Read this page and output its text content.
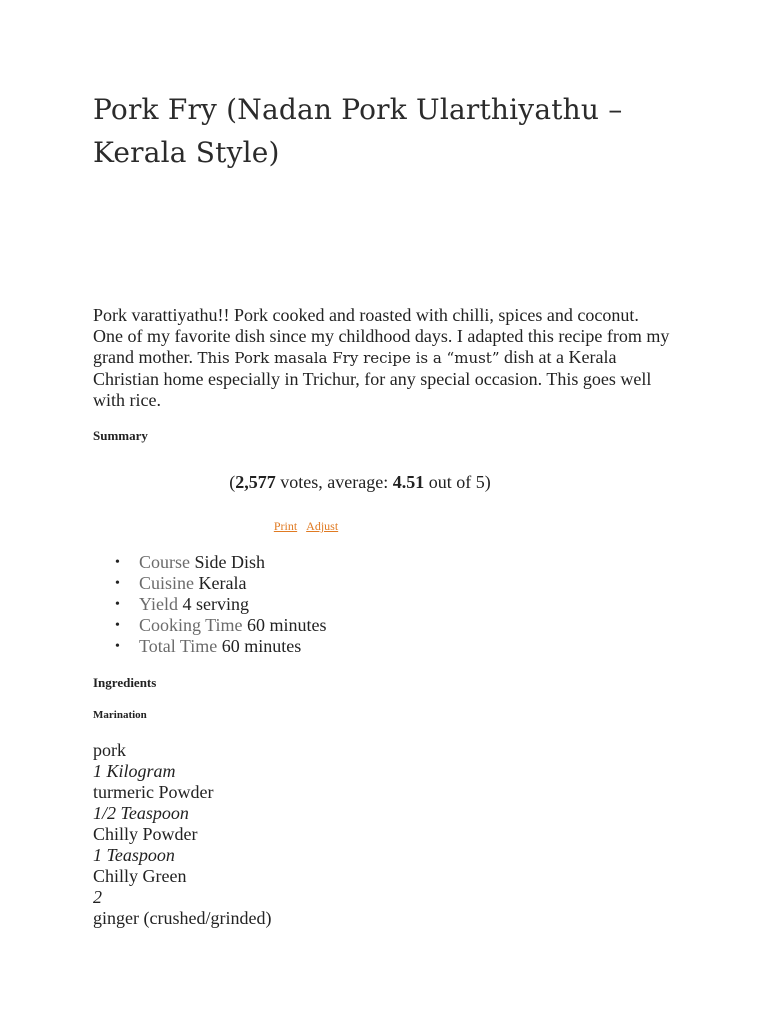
Pork Fry (Nadan Pork Ularthiyathu – Kerala Style)

Pork varattiyathu!! Pork cooked and roasted with chilli, spices and coconut. One of my favorite dish since my childhood days. I adapted this recipe from my grand mother. This Pork masala Fry recipe is a “must” dish at a Kerala Christian home especially in Trichur, for any special occasion. This goes well with rice.

Summary
(2,577 votes, average: 4.51 out of 5)
Print Adjust
• Course Side Dish
• Cuisine Kerala
• Yield 4 serving
• Cooking Time 60 minutes
• Total Time 60 minutes
Ingredients
Marination
pork
1 Kilogram
turmeric Powder
1/2 Teaspoon
Chilly Powder
1 Teaspoon
Chilly Green
2
ginger (crushed/grinded)
